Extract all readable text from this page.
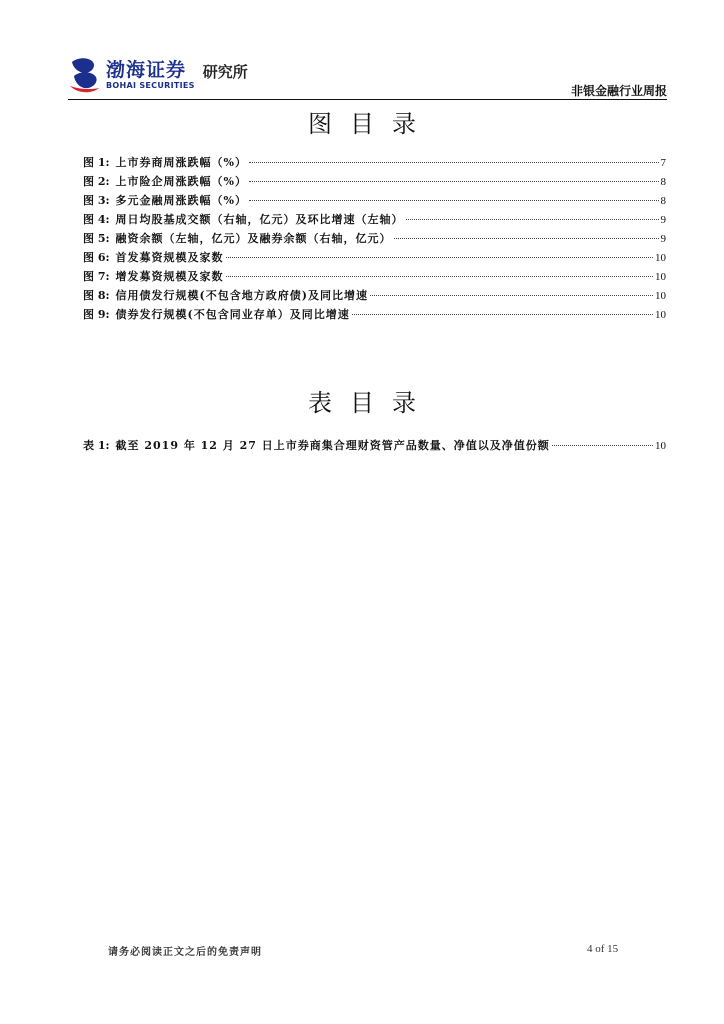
渤海证券
BOHAI SECURITIES
研究所
非银金融行业周报
图目录
图 1: 上市券商周涨跌幅（%）	7
图 2: 上市险企周涨跌幅（%）	8
图 3: 多元金融周涨跌幅（%）	8
图 4: 周日均股基成交额（右轴，亿元）及环比增速（左轴）	9
图 5: 融资余额（左轴，亿元）及融券余额（右轴，亿元）	9
图 6: 首发募资规模及家数	10
图 7: 增发募资规模及家数	10
图 8: 信用债发行规模(不包含地方政府债)及同比增速	10
图 9: 债券发行规模(不包含同业存单）及同比增速	10
表目录
表 1: 截至 2019 年 12 月 27 日上市券商集合理财资管产品数量、净值以及净值份额	10
请务必阅读正文之后的免责声明	4 of 15
